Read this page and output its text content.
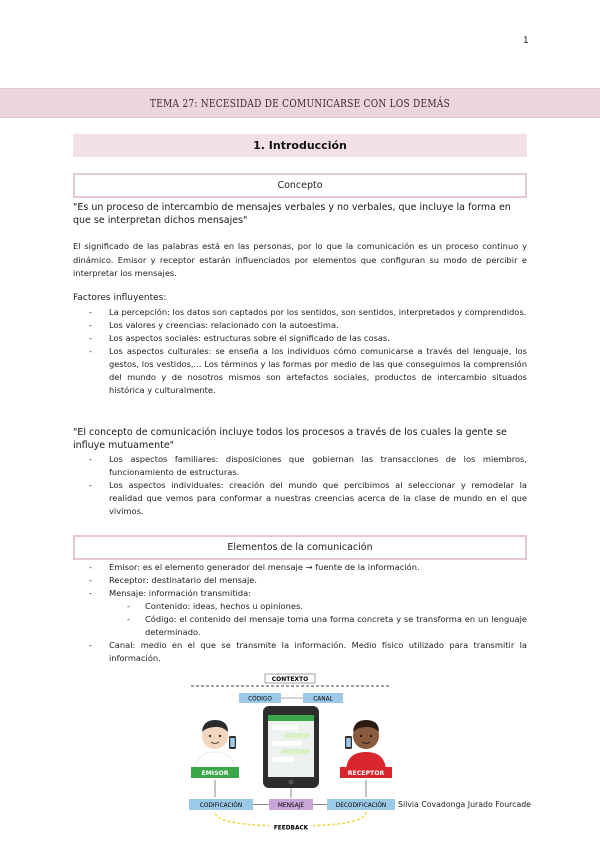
1
TEMA 27: NECESIDAD DE COMUNICARSE CON LOS DEMÁS
1. Introducción
Concepto
"Es un proceso de intercambio de mensajes verbales y no verbales, que incluye la forma en que se interpretan dichos mensajes"
El significado de las palabras está en las personas, por lo que la comunicación es un proceso continuo y dinámico. Emisor y receptor estarán influenciados por elementos que configuran su modo de percibir e interpretar los mensajes.
Factores influyentes:
- La percepción: los datos son captados por los sentidos, son sentidos, interpretados y comprendidos.
- Los valores y creencias: relacionado con la autoestima.
- Los aspectos sociales: estructuras sobre el significado de las cosas.
- Los aspectos culturales: se enseña a los individuos cómo comunicarse a través del lenguaje, los gestos, los vestidos,... Los términos y las formas por medio de las que conseguimos la comprensión del mundo y de nosotros mismos son artefactos sociales, productos de intercambio situados histórica y culturalmente.
"El concepto de comunicación incluye todos los procesos a través de los cuales la gente se influye mutuamente"
- Los aspectos familiares: disposiciones que gobiernan las transacciones de los miembros, funcionamiento de estructuras.
- Los aspectos individuales: creación del mundo que percibimos al seleccionar y remodelar la realidad que vemos para conformar a nuestras creencias acerca de la clase de mundo en el que vivimos.
Elementos de la comunicación
- Emisor: es el elemento generador del mensaje → fuente de la información.
- Receptor: destinatario del mensaje.
- Mensaje: información transmitida:
- Contenido: ideas, hechos u opiniones.
- Código: el contenido del mensaje toma una forma concreta y se transforma en un lenguaje determinado.
- Canal: medio en el que se transmite la información. Medio físico utilizado para transmitir la información.
CONTEXTO
CÓDIGO	CANAL
EMISOR	RECEPTOR
CODIFICACIÓN	MENSAJE	DECODIFICACIÓN
FEEDBACK
Silvia Covadonga Jurado Fourcade
